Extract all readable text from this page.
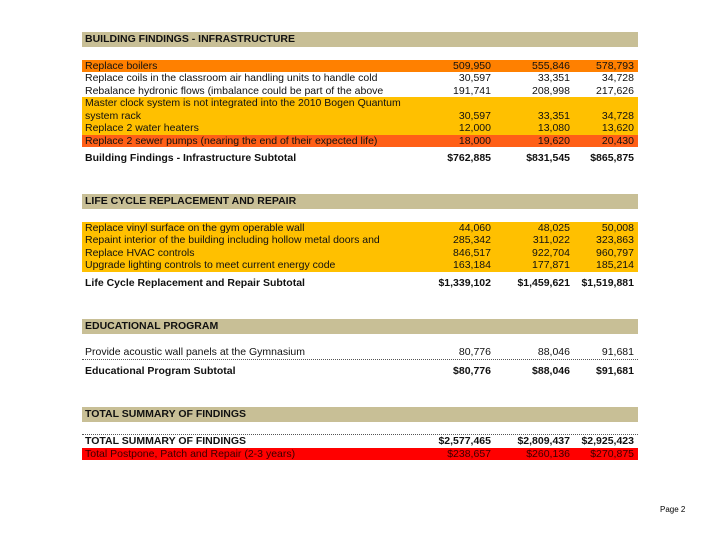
BUILDING FINDINGS - INFRASTRUCTURE
Replace boilers	509,950	555,846	578,793
Replace coils in the classroom air handling units to handle cold	30,597	33,351	34,728
Rebalance hydronic flows (imbalance could be part of the above	191,741	208,998	217,626
Master clock system is not integrated into the 2010 Bogen Quantum
system rack	30,597	33,351	34,728
Replace 2 water heaters	12,000	13,080	13,620
Replace 2 sewer pumps (nearing the end of their expected life)	18,000	19,620	20,430
Building Findings - Infrastructure Subtotal	$762,885	$831,545	$865,875
LIFE CYCLE REPLACEMENT AND REPAIR
Replace vinyl surface on the gym operable wall	44,060	48,025	50,008
Repaint interior of the building including hollow metal doors and	285,342	311,022	323,863
Replace HVAC controls	846,517	922,704	960,797
Upgrade lighting controls to meet current energy code	163,184	177,871	185,214
Life Cycle Replacement and Repair Subtotal	$1,339,102	$1,459,621	$1,519,881
EDUCATIONAL PROGRAM
Provide acoustic wall panels at the Gymnasium	80,776	88,046	91,681
Educational Program Subtotal	$80,776	$88,046	$91,681
TOTAL SUMMARY OF FINDINGS
TOTAL SUMMARY OF FINDINGS	$2,577,465	$2,809,437	$2,925,423
Total Postpone, Patch and Repair (2-3 years)	$238,657	$260,136	$270,875
Page 2
